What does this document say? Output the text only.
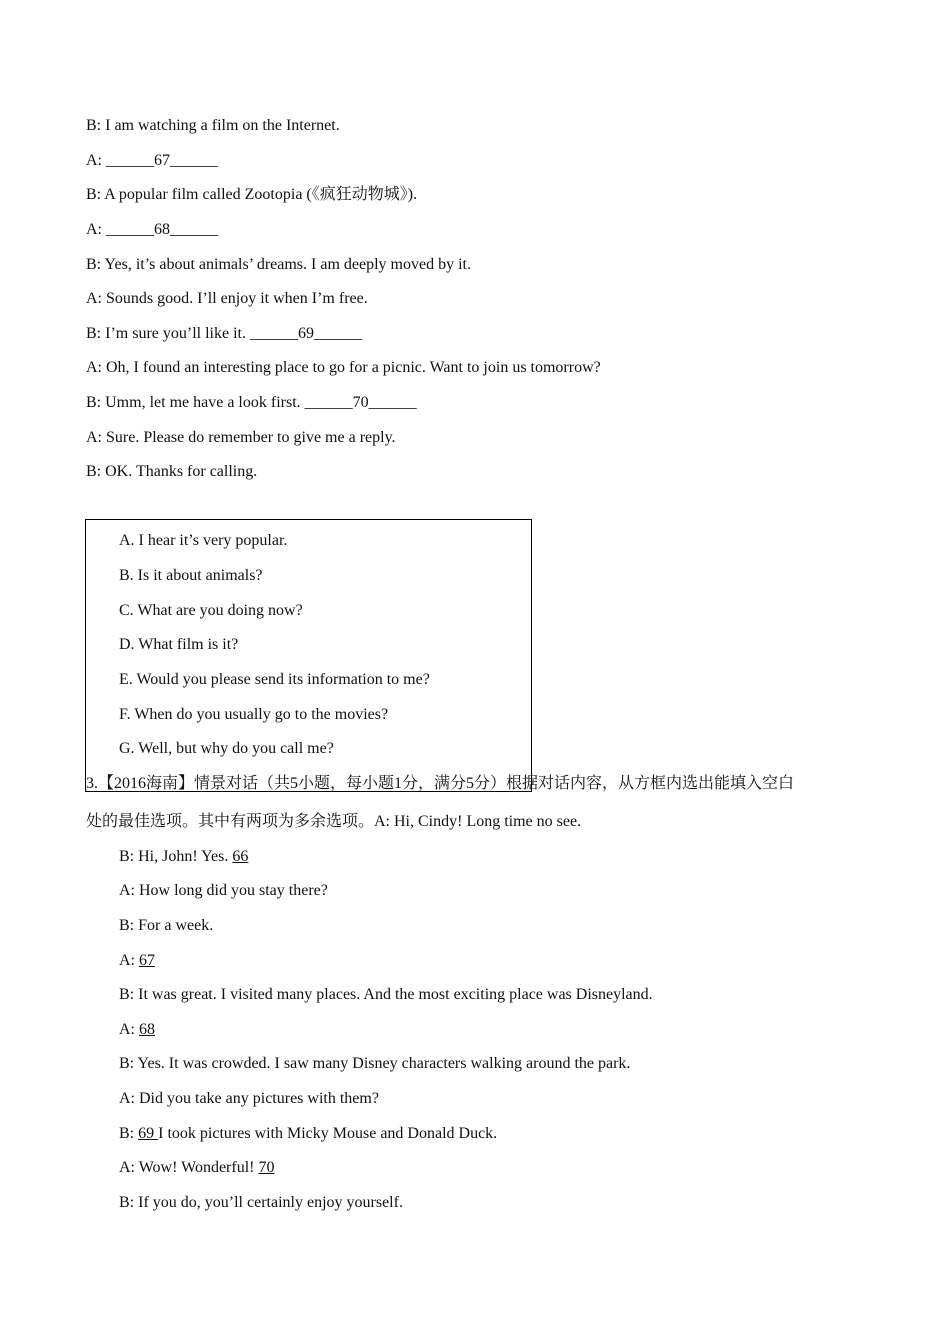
B: I am watching a film on the Internet.
A: ______67______
B: A popular film called Zootopia (《疯狂动物城》).
A: ______68______
B: Yes, it’s about animals’ dreams. I am deeply moved by it.
A: Sounds good. I’ll enjoy it when I’m free.
B: I’m sure you’ll like it. ______69______
A: Oh, I found an interesting place to go for a picnic. Want to join us tomorrow?
B: Umm, let me have a look first. ______70______
A: Sure. Please do remember to give me a reply.
B: OK. Thanks for calling.
A. I hear it’s very popular.
B. Is it about animals?
C. What are you doing now?
D. What film is it?
E. Would you please send its information to me?
F. When do you usually go to the movies?
G. Well, but why do you call me?
3.【2016海南】情景对话（共5小题，每小题1分，满分5分）根据对话内容，从方框内选出能填入空白
处的最佳选项。其中有两项为多余选项。A: Hi, Cindy! Long time no see.
B: Hi, John! Yes. 66
A: How long did you stay there?
B: For a week.
A: 67
B: It was great. I visited many places. And the most exciting place was Disneyland.
A: 68
B: Yes. It was crowded. I saw many Disney characters walking around the park.
A: Did you take any pictures with them?
B: 69 I took pictures with Micky Mouse and Donald Duck.
A: Wow! Wonderful! 70
B: If you do, you’ll certainly enjoy yourself.
